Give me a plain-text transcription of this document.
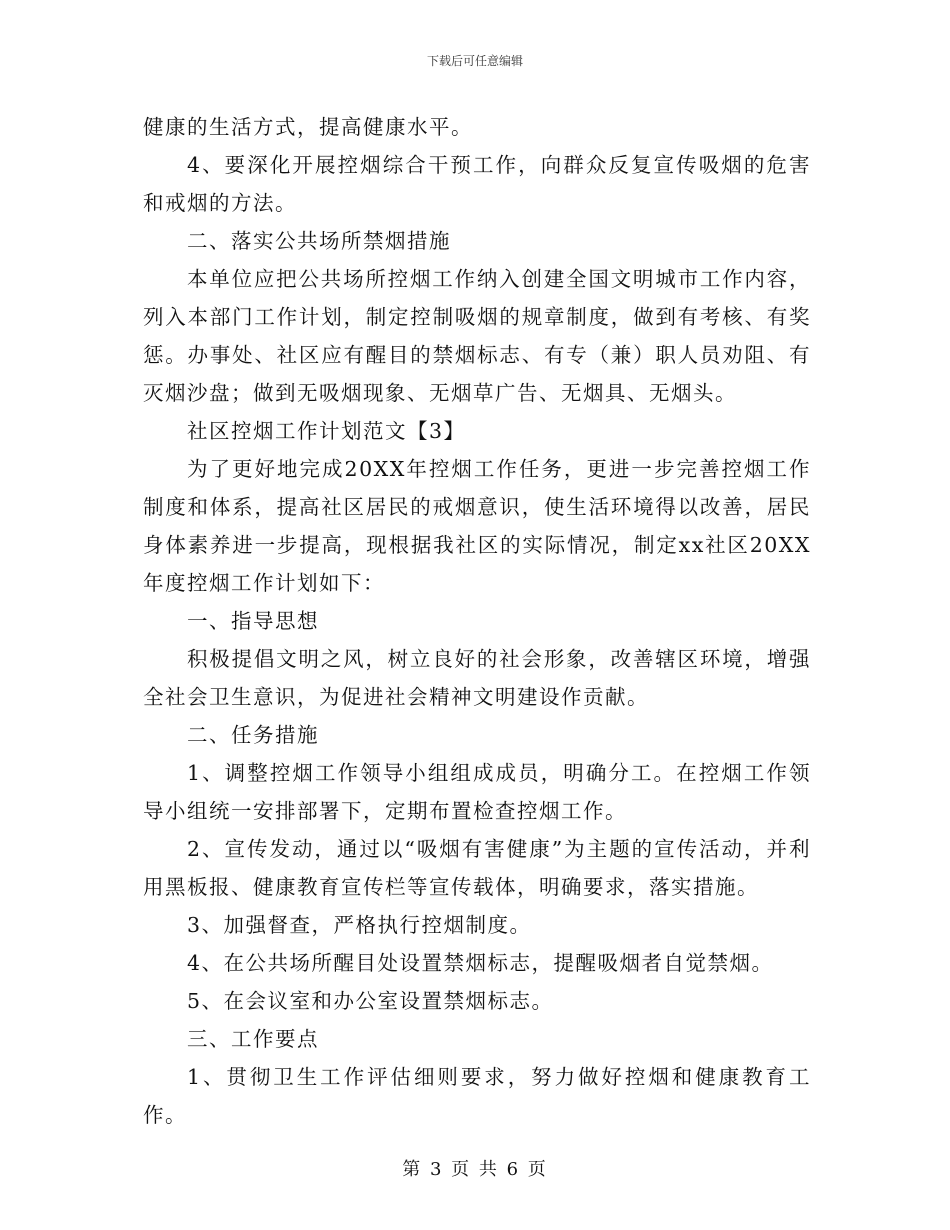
下载后可任意编辑

健康的生活方式，提高健康水平。

4、要深化开展控烟综合干预工作，向群众反复宣传吸烟的危害和戒烟的方法。

二、落实公共场所禁烟措施

本单位应把公共场所控烟工作纳入创建全国文明城市工作内容，列入本部门工作计划，制定控制吸烟的规章制度，做到有考核、有奖惩。办事处、社区应有醒目的禁烟标志、有专（兼）职人员劝阻、有灭烟沙盘；做到无吸烟现象、无烟草广告、无烟具、无烟头。

社区控烟工作计划范文【3】

为了更好地完成20XX年控烟工作任务，更进一步完善控烟工作制度和体系，提高社区居民的戒烟意识，使生活环境得以改善，居民身体素养进一步提高，现根据我社区的实际情况，制定xx社区20XX年度控烟工作计划如下：

一、指导思想

积极提倡文明之风，树立良好的社会形象，改善辖区环境，增强全社会卫生意识，为促进社会精神文明建设作贡献。

二、任务措施

1、调整控烟工作领导小组组成成员，明确分工。在控烟工作领导小组统一安排部署下，定期布置检查控烟工作。

2、宣传发动，通过以“吸烟有害健康”为主题的宣传活动，并利用黑板报、健康教育宣传栏等宣传载体，明确要求，落实措施。

3、加强督查，严格执行控烟制度。

4、在公共场所醒目处设置禁烟标志，提醒吸烟者自觉禁烟。

5、在会议室和办公室设置禁烟标志。

三、工作要点

1、贯彻卫生工作评估细则要求，努力做好控烟和健康教育工作。

第 3 页 共 6 页
